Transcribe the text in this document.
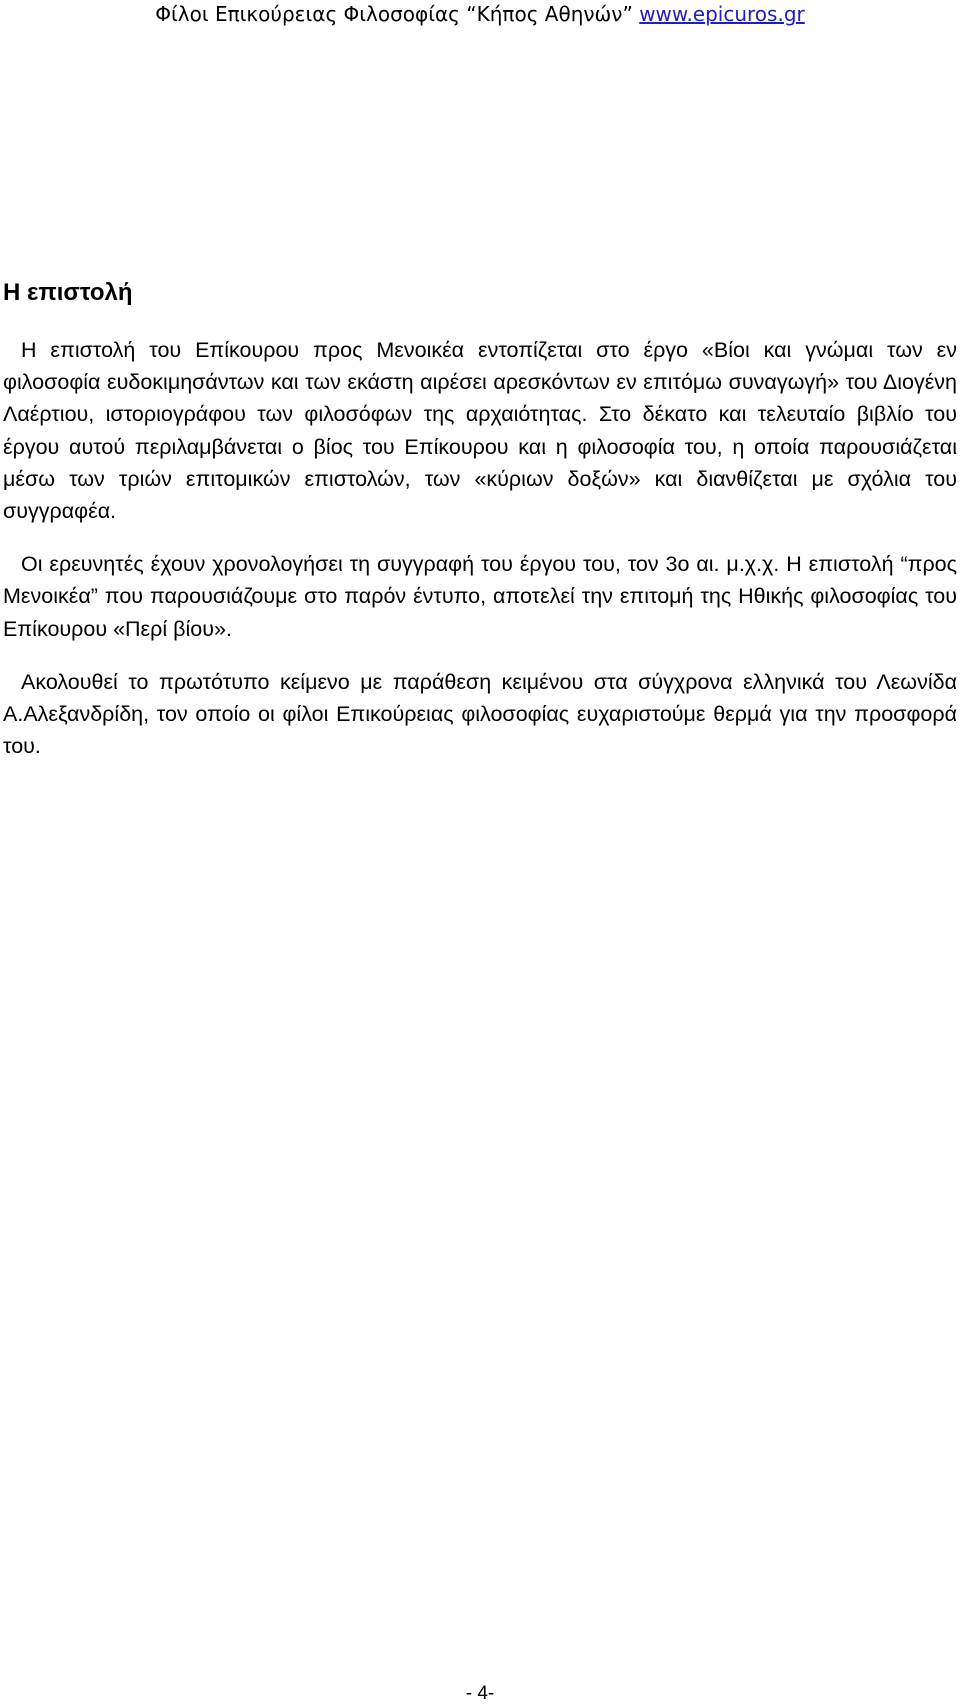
Φίλοι Επικούρειας Φιλοσοφίας “Κήπος Αθηνών” www.epicuros.gr
Η επιστολή

Η επιστολή του Επίκουρου προς Μενοικέα εντοπίζεται στο έργο «Βίοι και γνώμαι των εν φιλοσοφία ευδοκιμησάντων και των εκάστη αιρέσει αρεσκόντων εν επιτόμω συναγωγή» του Διογένη Λαέρτιου, ιστοριογράφου των φιλοσόφων της αρχαιότητας. Στο δέκατο και τελευταίο βιβλίο του έργου αυτού περιλαμβάνεται ο βίος του Επίκουρου και η φιλοσοφία του, η οποία παρουσιάζεται μέσω των τριών επιτομικών επιστολών, των «κύριων δοξών» και διανθίζεται με σχόλια του συγγραφέα.

Οι ερευνητές έχουν χρονολογήσει τη συγγραφή του έργου του, τον 3ο αι. μ.χ.χ. Η επιστολή “προς Μενοικέα” που παρουσιάζουμε στο παρόν έντυπο, αποτελεί την επιτομή της Ηθικής φιλοσοφίας του Επίκουρου «Περί βίου».

Ακολουθεί το πρωτότυπο κείμενο με παράθεση κειμένου στα σύγχρονα ελληνικά του Λεωνίδα Α.Αλεξανδρίδη, τον οποίο οι φίλοι Επικούρειας φιλοσοφίας ευχαριστούμε θερμά για την προσφορά του.

- 4-
